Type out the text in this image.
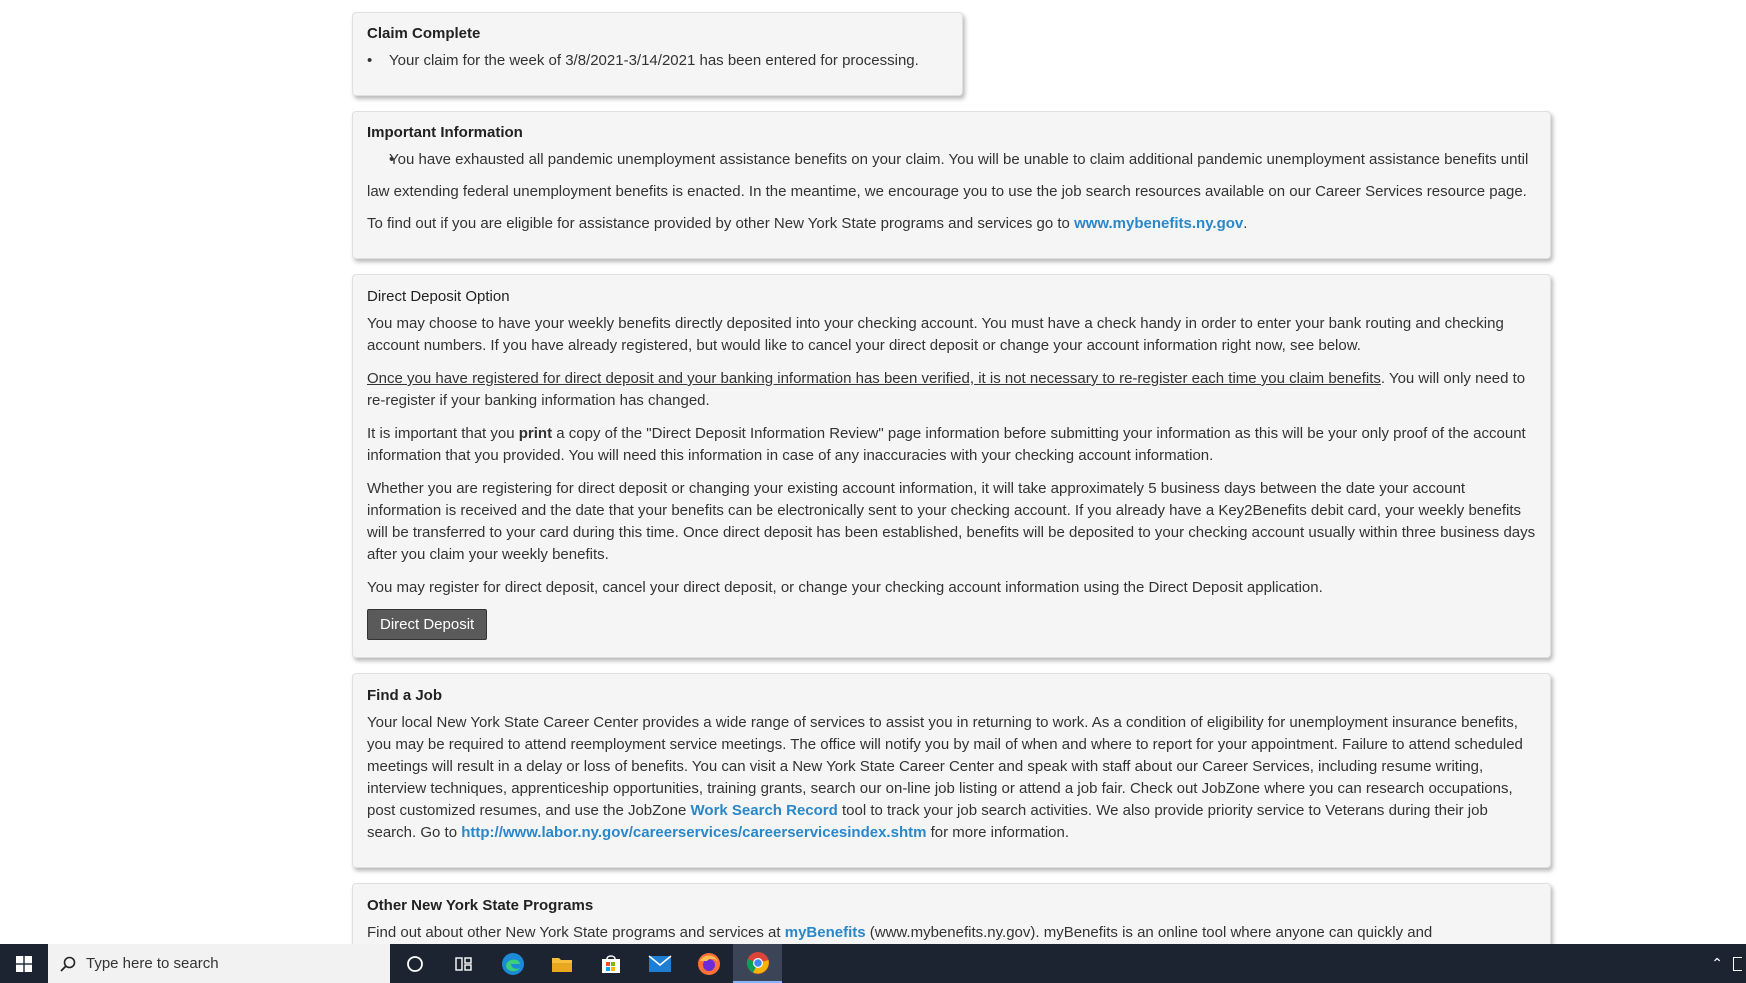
Claim Complete
• Your claim for the week of 3/8/2021-3/14/2021 has been entered for processing.
Important Information
• You have exhausted all pandemic unemployment assistance benefits on your claim. You will be unable to claim additional pandemic unemployment assistance benefits until law extending federal unemployment benefits is enacted. In the meantime, we encourage you to use the job search resources available on our Career Services resource page. To find out if you are eligible for assistance provided by other New York State programs and services go to www.mybenefits.ny.gov.
Direct Deposit Option

You may choose to have your weekly benefits directly deposited into your checking account. You must have a check handy in order to enter your bank routing and checking account numbers. If you have already registered, but would like to cancel your direct deposit or change your account information right now, see below.

Once you have registered for direct deposit and your banking information has been verified, it is not necessary to re-register each time you claim benefits. You will only need to re-register if your banking information has changed.

It is important that you print a copy of the "Direct Deposit Information Review" page information before submitting your information as this will be your only proof of the account information that you provided. You will need this information in case of any inaccuracies with your checking account information.

Whether you are registering for direct deposit or changing your existing account information, it will take approximately 5 business days between the date your account information is received and the date that your benefits can be electronically sent to your checking account. If you already have a Key2Benefits debit card, your weekly benefits will be transferred to your card during this time. Once direct deposit has been established, benefits will be deposited to your checking account usually within three business days after you claim your weekly benefits.

You may register for direct deposit, cancel your direct deposit, or change your checking account information using the Direct Deposit application.

Direct Deposit
Find a Job

Your local New York State Career Center provides a wide range of services to assist you in returning to work. As a condition of eligibility for unemployment insurance benefits, you may be required to attend reemployment service meetings. The office will notify you by mail of when and where to report for your appointment. Failure to attend scheduled meetings will result in a delay or loss of benefits. You can visit a New York State Career Center and speak with staff about our Career Services, including resume writing, interview techniques, apprenticeship opportunities, training grants, search our on-line job listing or attend a job fair. Check out JobZone where you can research occupations, post customized resumes, and use the JobZone Work Search Record tool to track your job search activities. We also provide priority service to Veterans during their job search. Go to http://www.labor.ny.gov/careerservices/careerservicesindex.shtm for more information.

Other New York State Programs

Find out about other New York State programs and services at myBenefits (www.mybenefits.ny.gov). myBenefits is an online tool where anyone can quickly and

Type here to search	⌃
